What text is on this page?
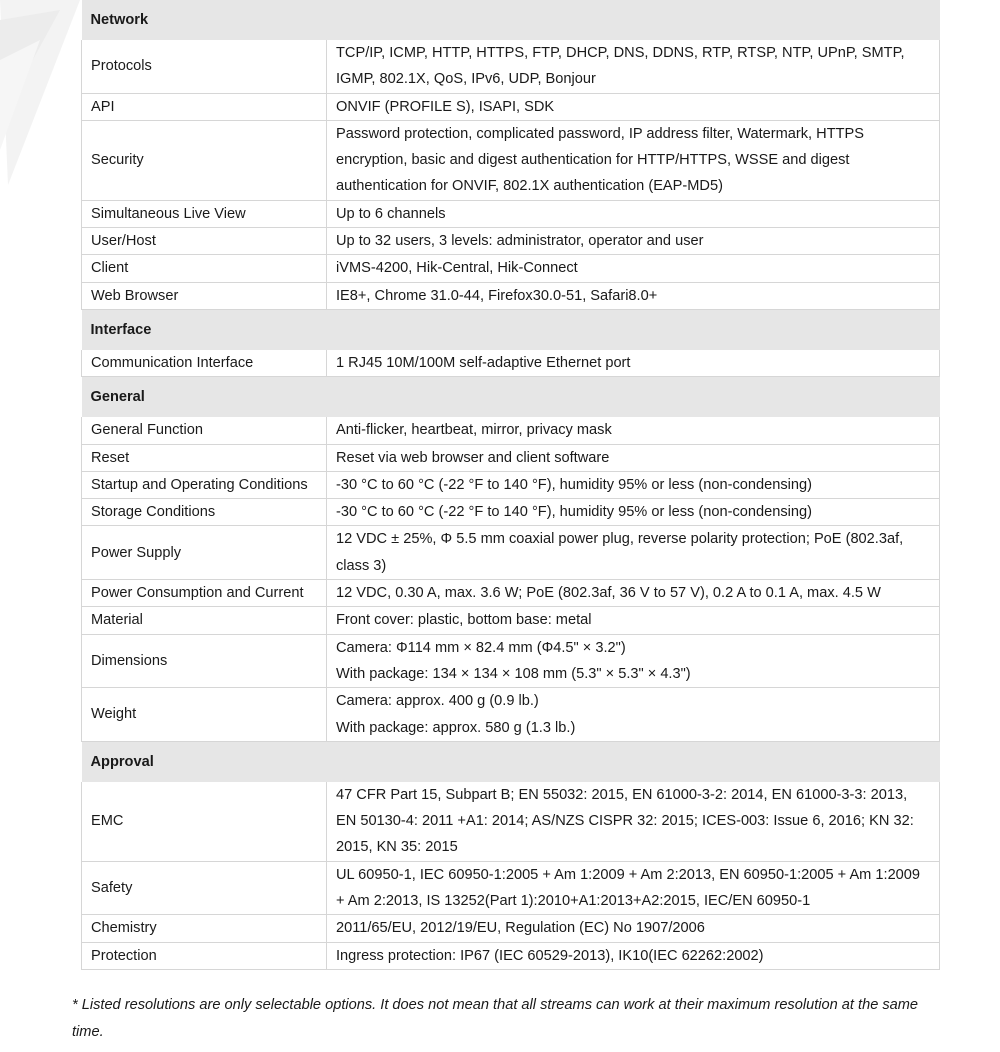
Network	
Protocols	TCP/IP, ICMP, HTTP, HTTPS, FTP, DHCP, DNS, DDNS, RTP, RTSP, NTP, UPnP, SMTP, IGMP, 802.1X, QoS, IPv6, UDP, Bonjour
API	ONVIF (PROFILE S), ISAPI, SDK
Security	Password protection, complicated password, IP address filter, Watermark, HTTPS encryption, basic and digest authentication for HTTP/HTTPS, WSSE and digest authentication for ONVIF, 802.1X authentication (EAP-MD5)
Simultaneous Live View	Up to 6 channels
User/Host	Up to 32 users, 3 levels: administrator, operator and user
Client	iVMS-4200, Hik-Central, Hik-Connect
Web Browser	IE8+, Chrome 31.0-44, Firefox30.0-51, Safari8.0+
Interface	
Communication Interface	1 RJ45 10M/100M self-adaptive Ethernet port
General	
General Function	Anti-flicker, heartbeat, mirror, privacy mask
Reset	Reset via web browser and client software
Startup and Operating Conditions	-30 °C to 60 °C (-22 °F to 140 °F), humidity 95% or less (non-condensing)
Storage Conditions	-30 °C to 60 °C (-22 °F to 140 °F), humidity 95% or less (non-condensing)
Power Supply	12 VDC ± 25%, Φ 5.5 mm coaxial power plug, reverse polarity protection; PoE (802.3af, class 3)
Power Consumption and Current	12 VDC, 0.30 A, max. 3.6 W; PoE (802.3af, 36 V to 57 V), 0.2 A to 0.1 A, max. 4.5 W
Material	Front cover: plastic, bottom base: metal
Dimensions	Camera: Φ114 mm × 82.4 mm (Φ4.5" × 3.2")
With package: 134 × 134 × 108 mm (5.3" × 5.3" × 4.3")

Weight	Camera: approx. 400 g (0.9 lb.)
With package: approx. 580 g (1.3 lb.)

Approval	
EMC	47 CFR Part 15, Subpart B; EN 55032: 2015, EN 61000-3-2: 2014, EN 61000-3-3: 2013, EN 50130-4: 2011 +A1: 2014; AS/NZS CISPR 32: 2015; ICES-003: Issue 6, 2016; KN 32: 2015, KN 35: 2015
Safety	UL 60950-1, IEC 60950-1:2005 + Am 1:2009 + Am 2:2013, EN 60950-1:2005 + Am 1:2009 + Am 2:2013, IS 13252(Part 1):2010+A1:2013+A2:2015, IEC/EN 60950-1
Chemistry	2011/65/EU, 2012/19/EU, Regulation (EC) No 1907/2006
Protection	Ingress protection: IP67 (IEC 60529-2013), IK10(IEC 62262:2002)
* Listed resolutions are only selectable options. It does not mean that all streams can work at their maximum resolution at the same time.
